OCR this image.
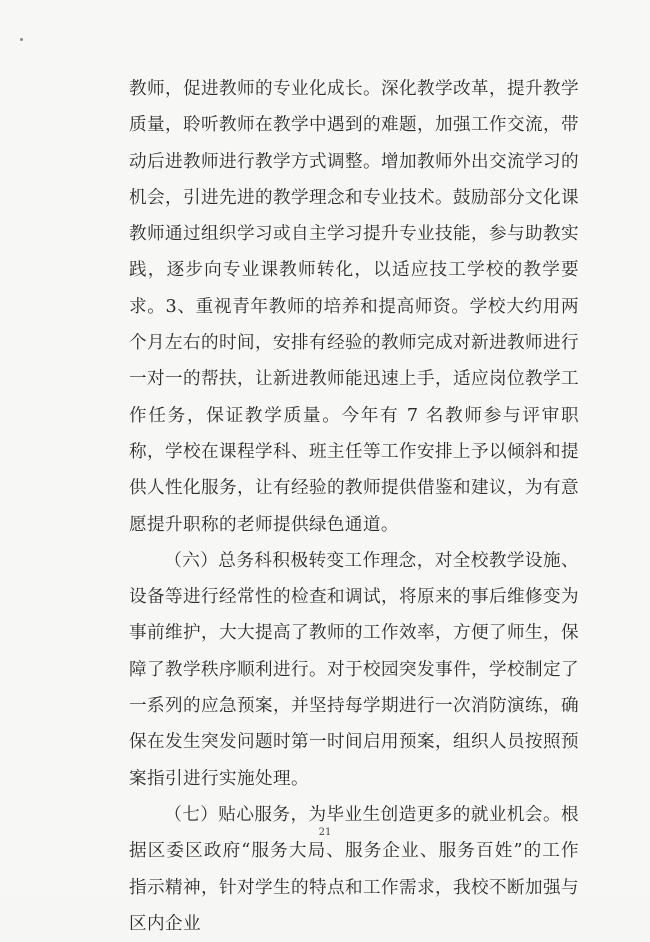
教师，促进教师的专业化成长。深化教学改革，提升教学质量，聆听教师在教学中遇到的难题，加强工作交流，带动后进教师进行教学方式调整。增加教师外出交流学习的机会，引进先进的教学理念和专业技术。鼓励部分文化课教师通过组织学习或自主学习提升专业技能，参与助教实践，逐步向专业课教师转化，以适应技工学校的教学要求。3、重视青年教师的培养和提高师资。学校大约用两个月左右的时间，安排有经验的教师完成对新进教师进行一对一的帮扶，让新进教师能迅速上手，适应岗位教学工作任务，保证教学质量。今年有 7 名教师参与评审职称，学校在课程学科、班主任等工作安排上予以倾斜和提供人性化服务，让有经验的教师提供借鉴和建议，为有意愿提升职称的老师提供绿色通道。

（六）总务科积极转变工作理念，对全校教学设施、设备等进行经常性的检查和调试，将原来的事后维修变为事前维护，大大提高了教师的工作效率，方便了师生，保障了教学秩序顺利进行。对于校园突发事件，学校制定了一系列的应急预案，并坚持每学期进行一次消防演练，确保在发生突发问题时第一时间启用预案，组织人员按照预案指引进行实施处理。

（七）贴心服务，为毕业生创造更多的就业机会。根据区委区政府“服务大局、服务企业、服务百姓”的工作指示精神，针对学生的特点和工作需求，我校不断加强与区内企业

21
